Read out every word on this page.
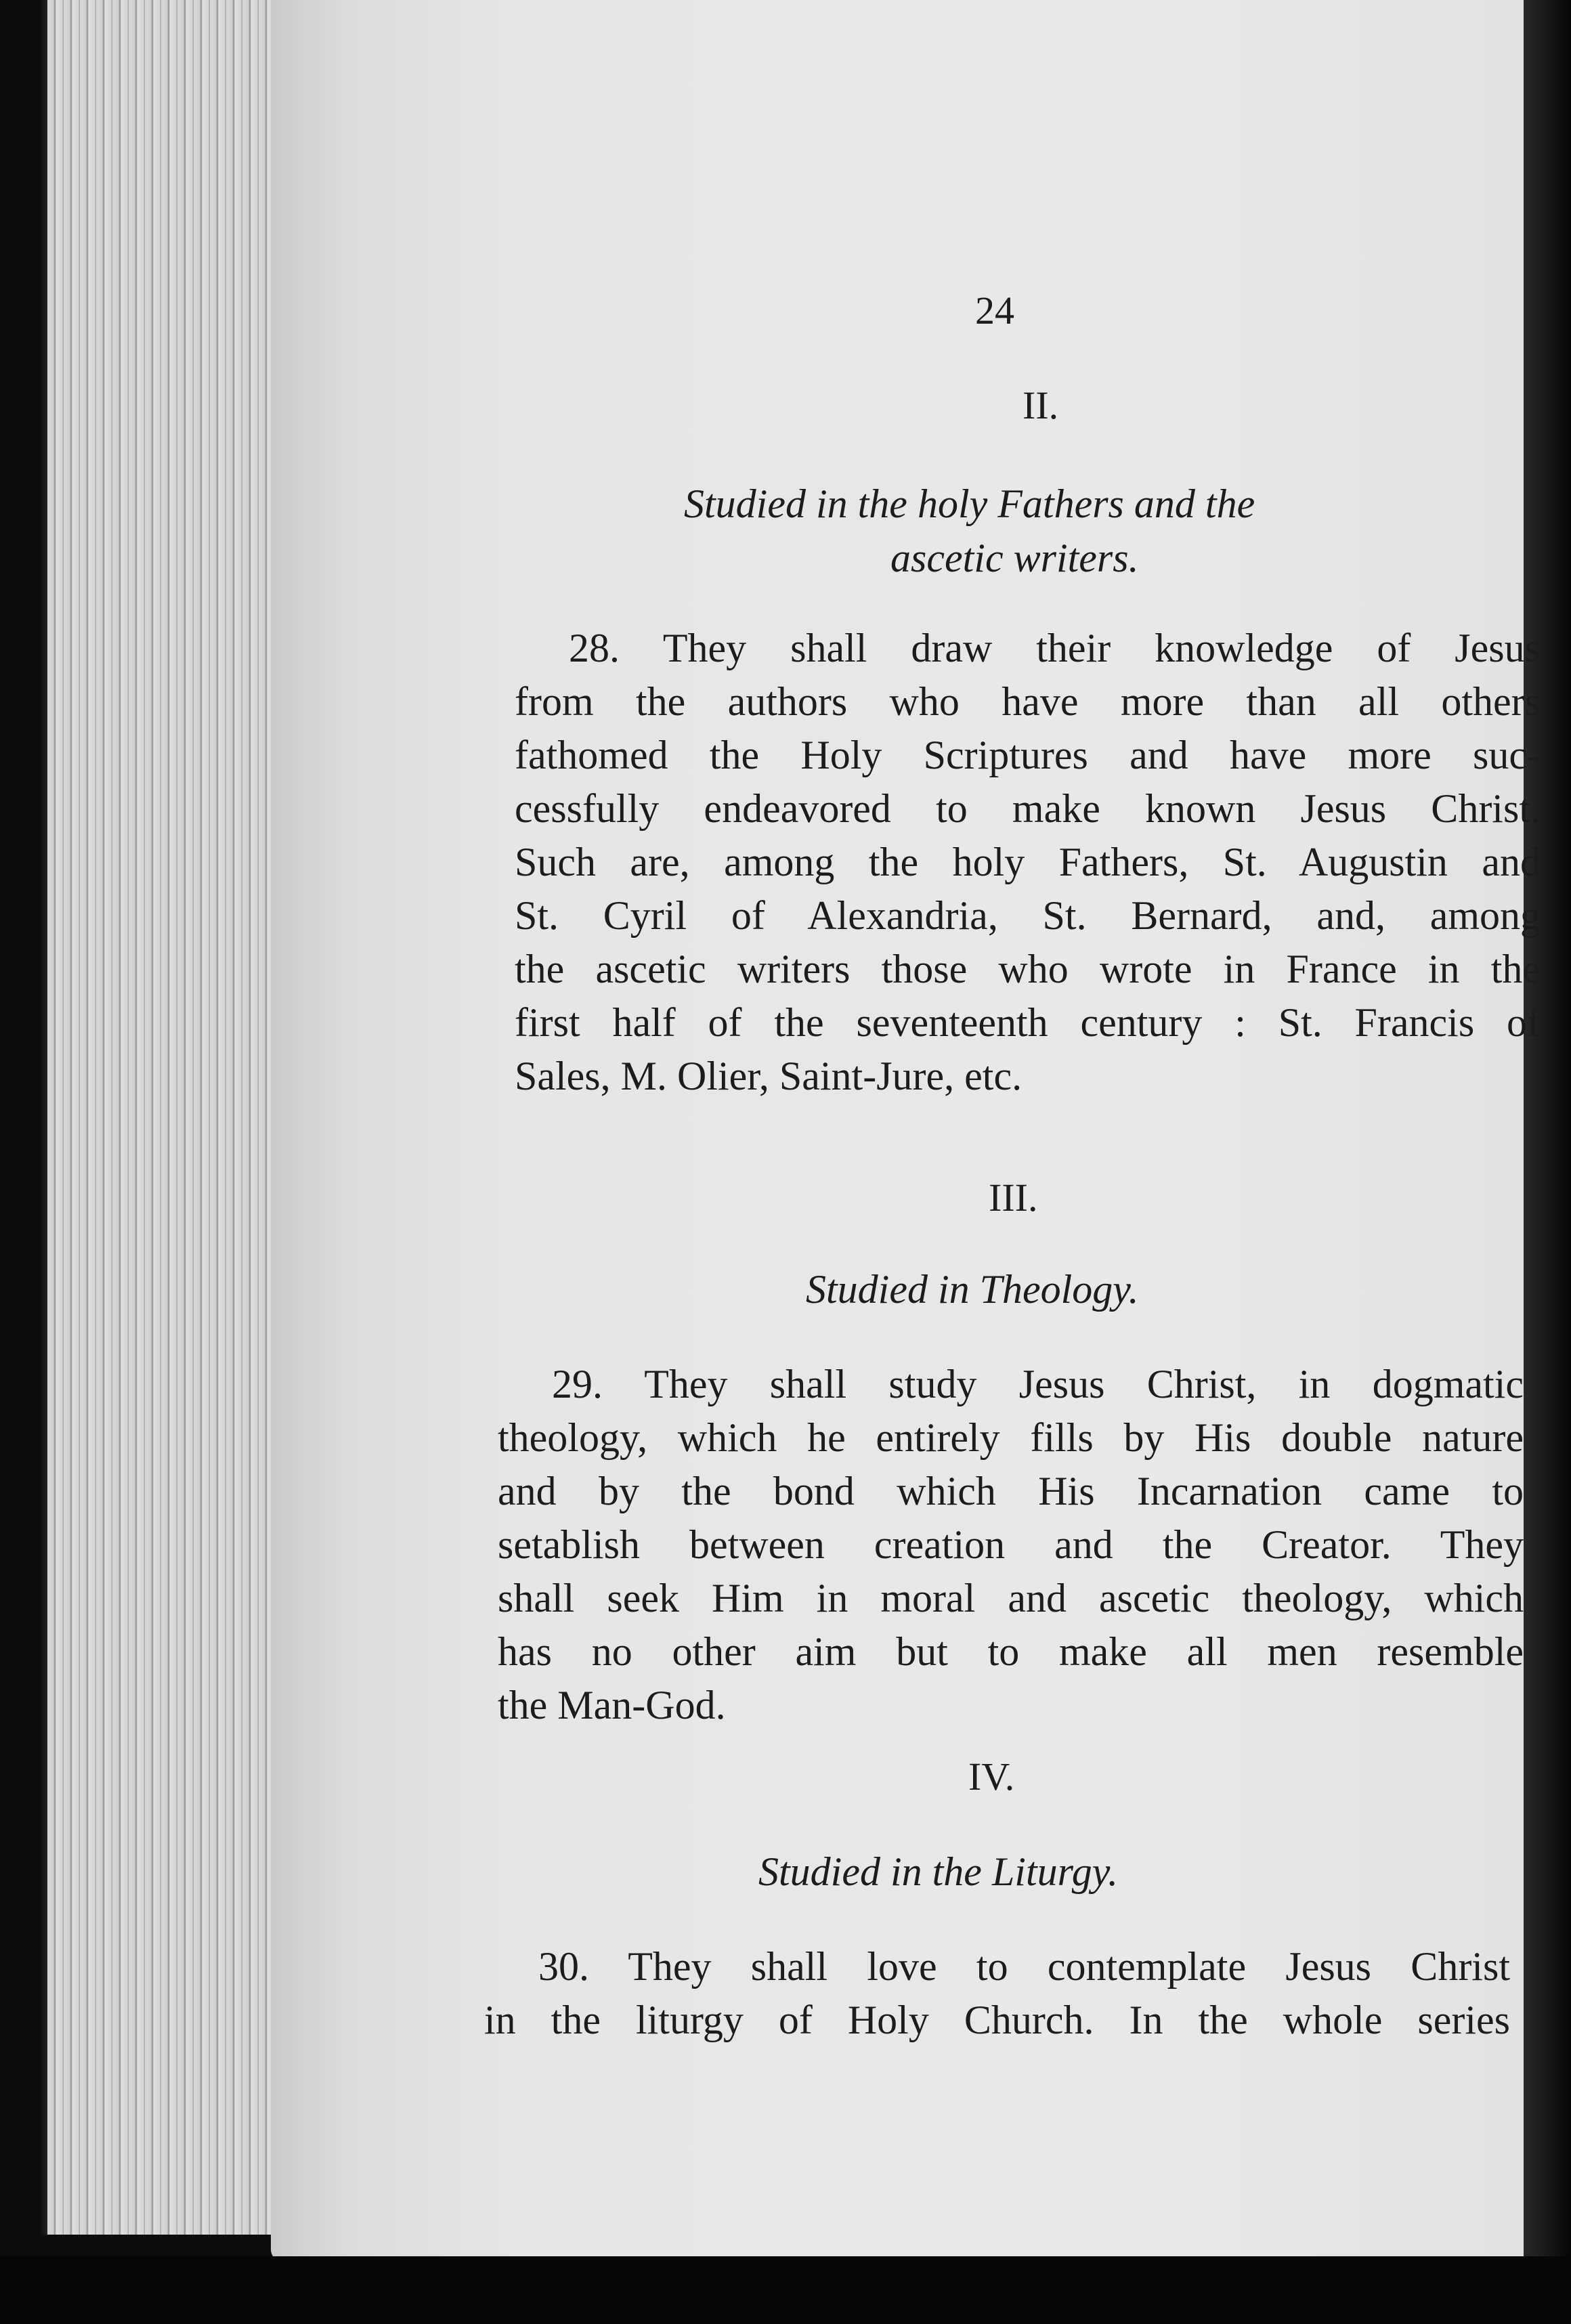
24
II.
Studied in the holy Fathers and the
ascetic writers.
28. They shall draw their knowledge of Jesus
from the authors who have more than all others
fathomed the Holy Scriptures and have more suc-
cessfully endeavored to make known Jesus Christ.
Such are, among the holy Fathers, St. Augustin and
St. Cyril of Alexandria, St. Bernard, and, among
the ascetic writers those who wrote in France in the
first half of the seventeenth century : St. Francis of
Sales, M. Olier, Saint-Jure, etc.
III.
Studied in Theology.
29. They shall study Jesus Christ, in dogmatic
theology, which he entirely fills by His double nature
and by the bond which His Incarnation came to
setablish between creation and the Creator. They
shall seek Him in moral and ascetic theology, which
has no other aim but to make all men resemble
the Man-God.
IV.
Studied in the Liturgy.
30. They shall love to contemplate Jesus Christ
in the liturgy of Holy Church. In the whole series
